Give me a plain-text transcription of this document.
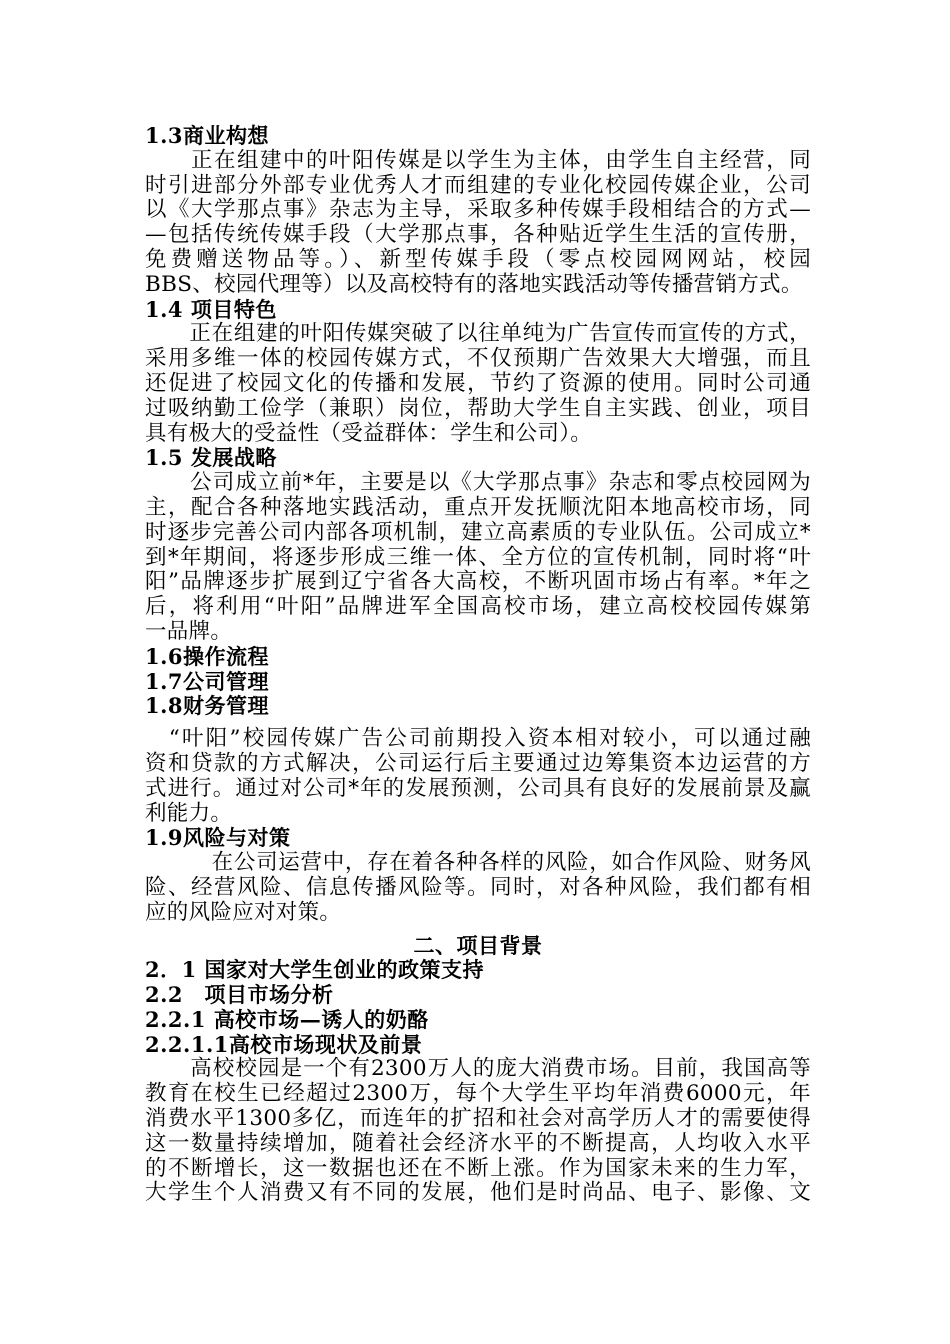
1.3商业构想
　　正在组建中的叶阳传媒是以学生为主体，由学生自主经营，同
时引进部分外部专业优秀人才而组建的专业化校园传媒企业，公司
以《大学那点事》杂志为主导，采取多种传媒手段相结合的方式—
—包括传统传媒手段（大学那点事，各种贴近学生生活的宣传册，
免费赠送物品等。）、新型传媒手段（零点校园网网站，校园
BBS、校园代理等）以及高校特有的落地实践活动等传播营销方式。
1.4 项目特色
　　正在组建的叶阳传媒突破了以往单纯为广告宣传而宣传的方式，
采用多维一体的校园传媒方式，不仅预期广告效果大大增强，而且
还促进了校园文化的传播和发展，节约了资源的使用。同时公司通
过吸纳勤工俭学（兼职）岗位，帮助大学生自主实践、创业，项目
具有极大的受益性（受益群体：学生和公司）。
1.5 发展战略
　　公司成立前*年，主要是以《大学那点事》杂志和零点校园网为
主，配合各种落地实践活动，重点开发抚顺沈阳本地高校市场，同
时逐步完善公司内部各项机制，建立高素质的专业队伍。公司成立*
到*年期间，将逐步形成三维一体、全方位的宣传机制，同时将“叶
阳”品牌逐步扩展到辽宁省各大高校，不断巩固市场占有率。*年之
后，将利用“叶阳”品牌进军全国高校市场，建立高校校园传媒第
一品牌。
1.6操作流程
1.7公司管理
1.8财务管理
　“叶阳”校园传媒广告公司前期投入资本相对较小，可以通过融
资和贷款的方式解决，公司运行后主要通过边筹集资本边运营的方
式进行。通过对公司*年的发展预测，公司具有良好的发展前景及赢
利能力。
1.9风险与对策
　　　在公司运营中，存在着各种各样的风险，如合作风险、财务风
险、经营风险、信息传播风险等。同时，对各种风险，我们都有相
应的风险应对对策。
二、项目背景
2．1 国家对大学生创业的政策支持
2.2　项目市场分析
2.2.1 高校市场—诱人的奶酪
2.2.1.1高校市场现状及前景
　　高校校园是一个有2300万人的庞大消费市场。目前，我国高等
教育在校生已经超过2300万，每个大学生平均年消费6000元，年
消费水平1300多亿，而连年的扩招和社会对高学历人才的需要使得
这一数量持续增加，随着社会经济水平的不断提高，人均收入水平
的不断增长，这一数据也还在不断上涨。作为国家未来的生力军，
大学生个人消费又有不同的发展，他们是时尚品、电子、影像、文
